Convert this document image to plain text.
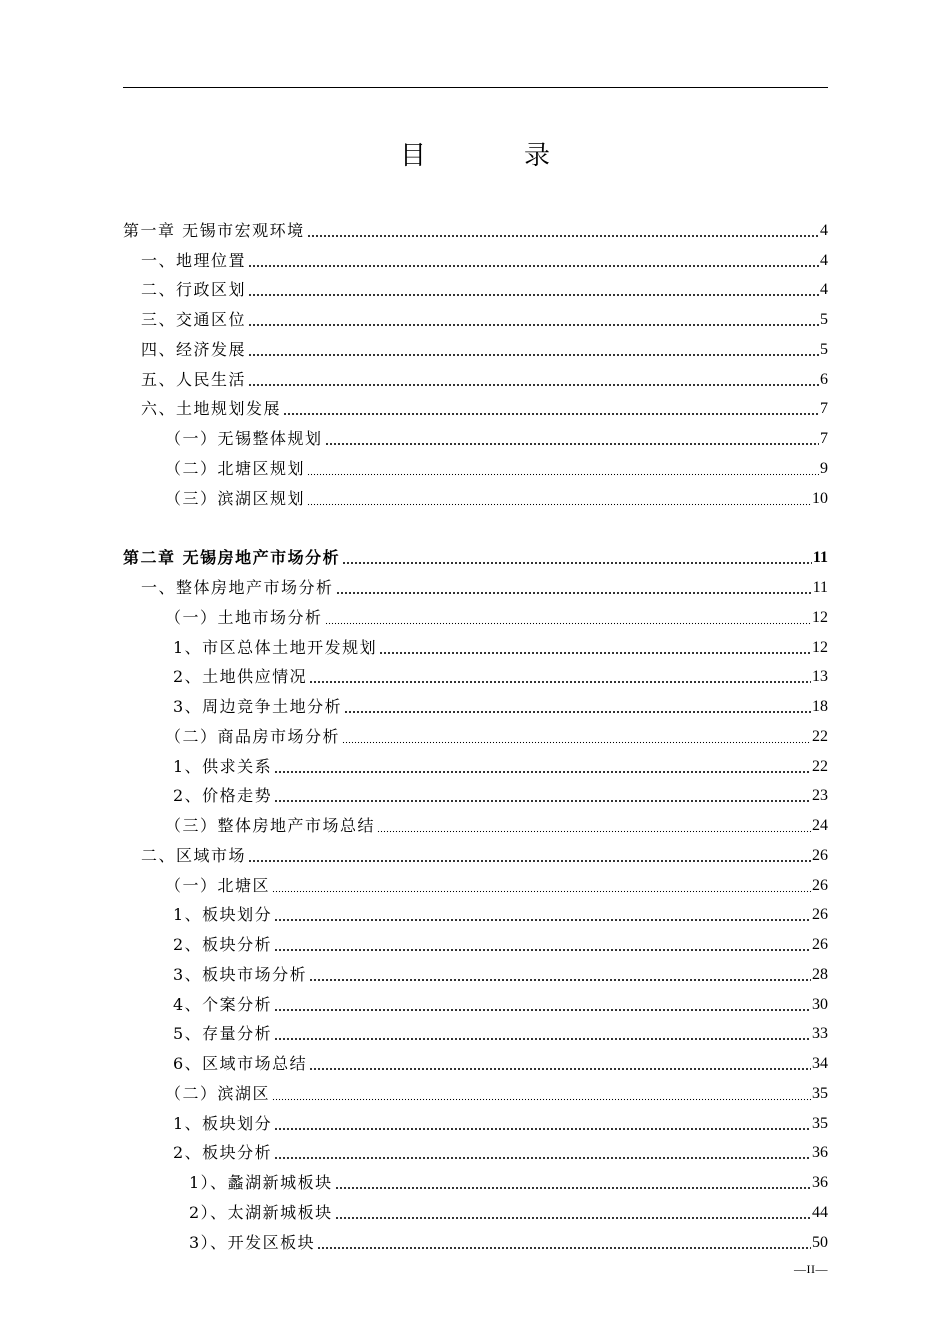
目　录
第一章 无锡市宏观环境	4
一、地理位置	4
二、行政区划	4
三、交通区位	5
四、经济发展	5
五、人民生活	6
六、土地规划发展	7
（一）无锡整体规划	7
（二）北塘区规划	9
（三）滨湖区规划	10
第二章 无锡房地产市场分析	11
一、整体房地产市场分析	11
（一）土地市场分析	12
1、市区总体土地开发规划	12
2、土地供应情况	13
3、周边竞争土地分析	18
（二）商品房市场分析	22
1、供求关系	22
2、价格走势	23
（三）整体房地产市场总结	24
二、区域市场	26
（一）北塘区	26
1、板块划分	26
2、板块分析	26
3、板块市场分析	28
4、个案分析	30
5、存量分析	33
6、区域市场总结	34
（二）滨湖区	35
1、板块划分	35
2、板块分析	36
1）、蠡湖新城板块	36
2）、太湖新城板块	44
3）、开发区板块	50
—II—
